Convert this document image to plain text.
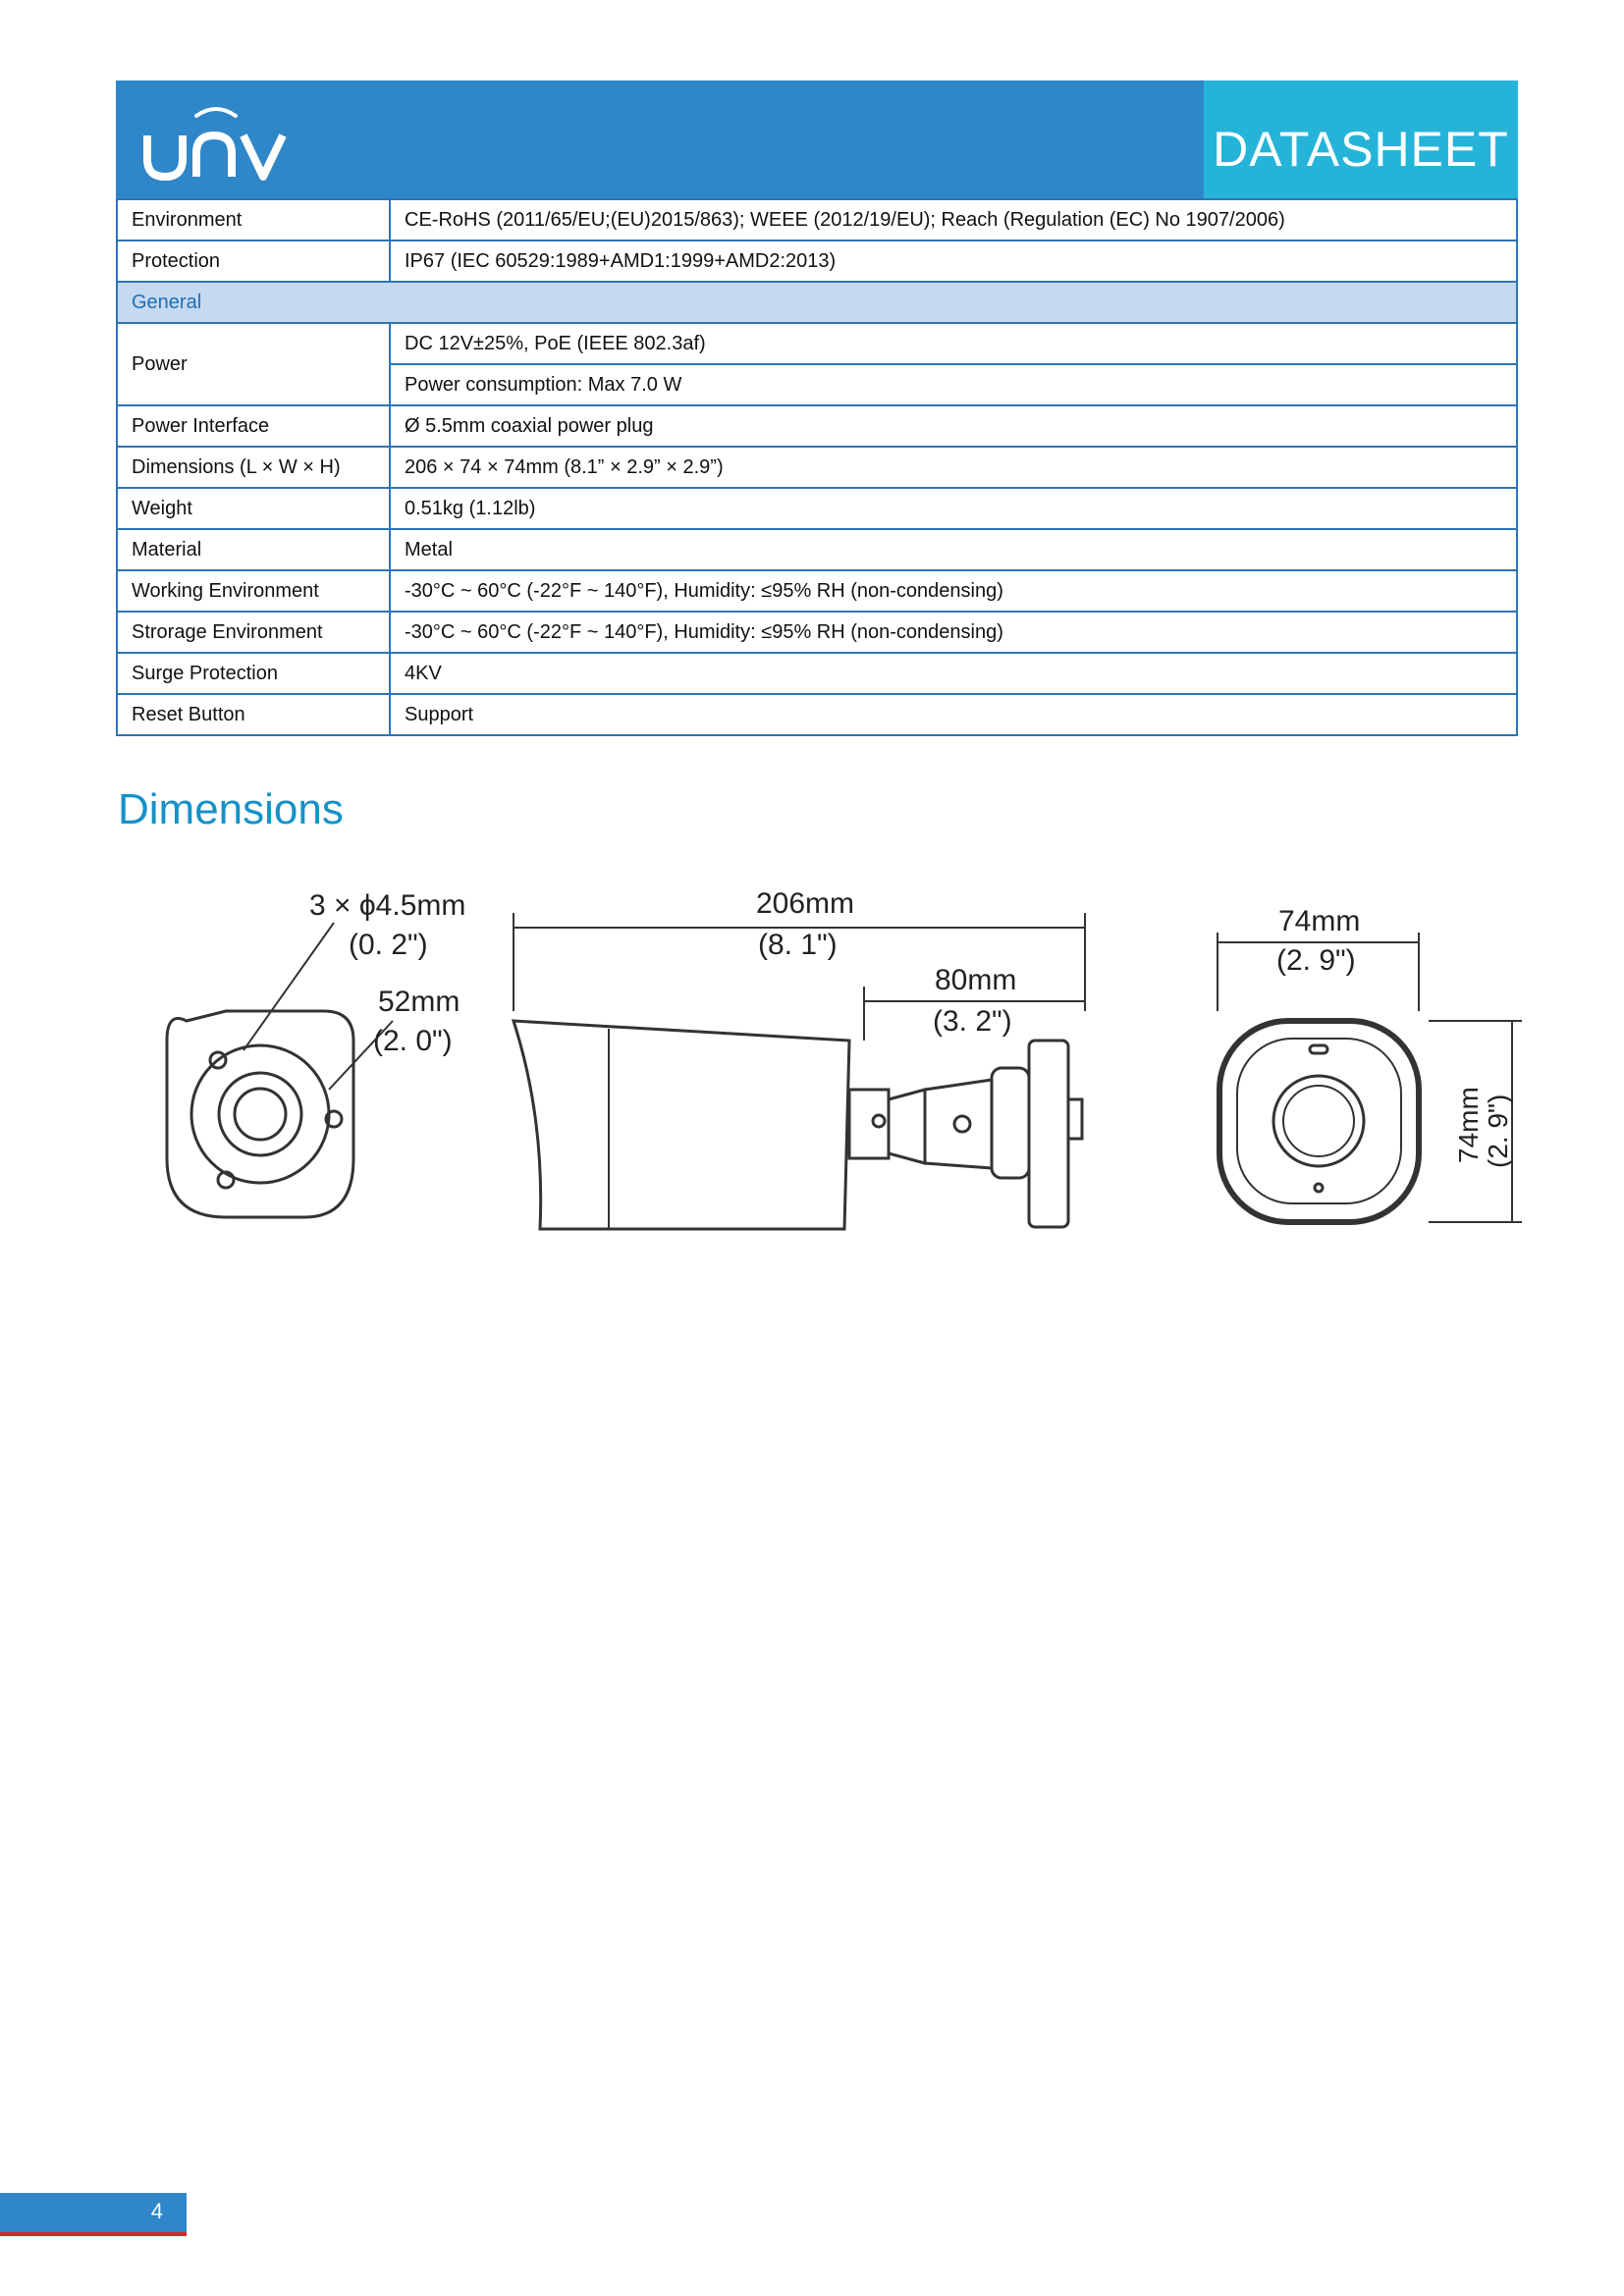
DATASHEET
Environment	CE-RoHS (2011/65/EU;(EU)2015/863); WEEE (2012/19/EU); Reach (Regulation (EC) No 1907/2006)
Protection	IP67 (IEC 60529:1989+AMD1:1999+AMD2:2013)
General	
Power	DC 12V±25%, PoE (IEEE 802.3af)
	Power consumption: Max 7.0 W
Power Interface	Ø 5.5mm coaxial power plug
Dimensions (L × W × H)	206 × 74 × 74mm (8.1” × 2.9” × 2.9”)
Weight	0.51kg (1.12lb)
Material	Metal
Working Environment	-30°C ~ 60°C (-22°F ~ 140°F), Humidity: ≤95% RH (non-condensing)
Strorage Environment	-30°C ~ 60°C (-22°F ~ 140°F), Humidity: ≤95% RH (non-condensing)
Surge Protection	4KV
Reset Button	Support
Dimensions
3 × ϕ4.5mm
(0. 2")
52mm
(2. 0")
206mm
(8. 1")
80mm
(3. 2")
74mm
(2. 9")
74mm (2. 9")
4
